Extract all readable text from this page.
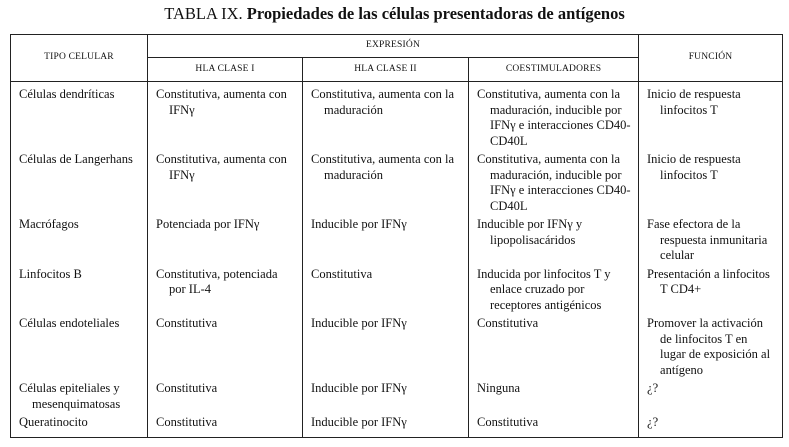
TABLA IX. Propiedades de las células presentadoras de antígenos
TIPO CELULAR	EXPRESIÓN			FUNCIÓN
	HLA CLASE I	HLA CLASE II	COESTIMULADORES	

Células dendríticas	Constitutiva, aumenta con IFNγ	Constitutiva, aumenta con la maduración	Constitutiva, aumenta con la maduración, inducible por IFNγ e interacciones CD40-CD40L	Inicio de respuesta linfocitos T

Células de Langerhans	Constitutiva, aumenta con IFNγ	Constitutiva, aumenta con la maduración	Constitutiva, aumenta con la maduración, inducible por IFNγ e interacciones CD40-CD40L	Inicio de respuesta linfocitos T

Macrófagos	Potenciada por IFNγ	Inducible por IFNγ	Inducible por IFNγ y lipopolisacáridos	Fase efectora de la respuesta inmunitaria celular

Linfocitos B	Constitutiva, potenciada por IL-4	Constitutiva	Inducida por linfocitos T y enlace cruzado por receptores antigénicos	Presentación a linfocitos T CD4+

Células endoteliales	Constitutiva	Inducible por IFNγ	Constitutiva	Promover la activación de linfocitos T en lugar de exposición al antígeno

Células epiteliales y mesenquimatosas	Constitutiva	Inducible por IFNγ	Ninguna	¿?

Queratinocito	Constitutiva	Inducible por IFNγ	Constitutiva	¿?
